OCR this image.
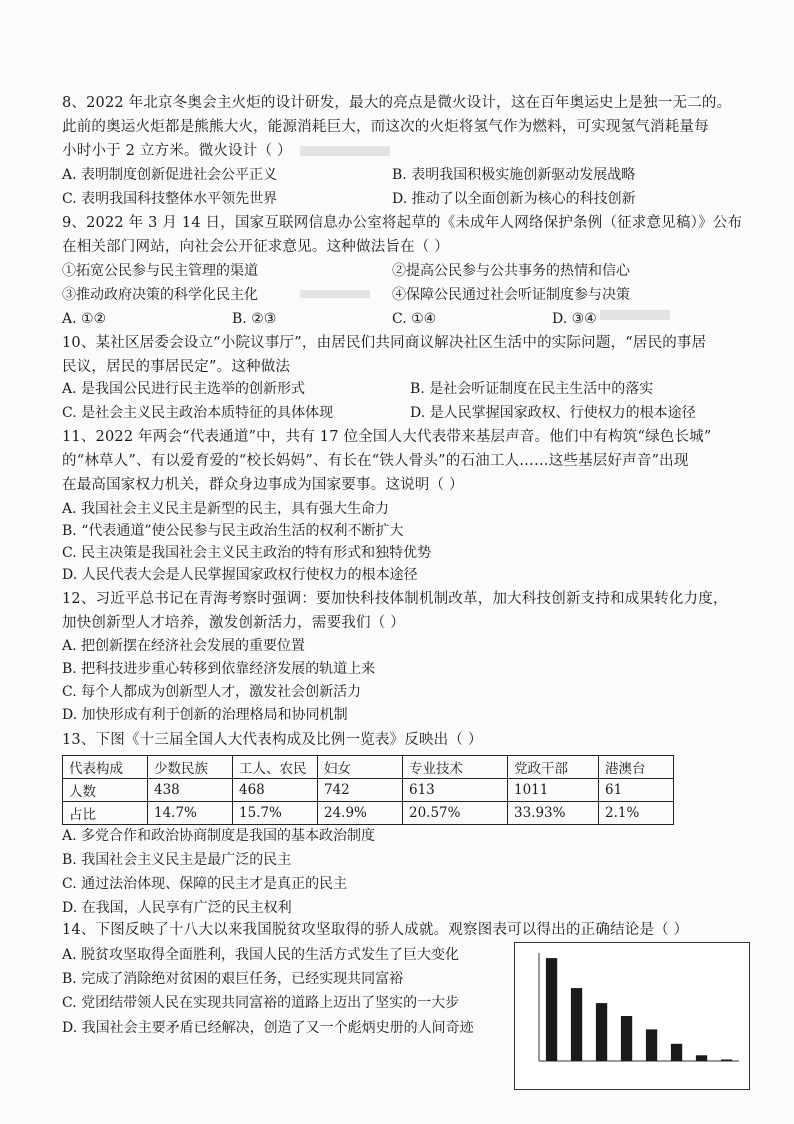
8、2022 年北京冬奥会主火炬的设计研发，最大的亮点是微火设计，这在百年奥运史上是独一无二的。
此前的奥运火炬都是熊熊大火，能源消耗巨大，而这次的火炬将氢气作为燃料，可实现氢气消耗量每
小时小于 2 立方米。微火设计（ ）
A. 表明制度创新促进社会公平正义	B. 表明我国积极实施创新驱动发展战略
C. 表明我国科技整体水平领先世界	D. 推动了以全面创新为核心的科技创新
9、2022 年 3 月 14 日，国家互联网信息办公室将起草的《未成年人网络保护条例（征求意见稿）》公布
在相关部门网站，向社会公开征求意见。这种做法旨在（ ）
①拓宽公民参与民主管理的渠道	②提高公民参与公共事务的热情和信心
③推动政府决策的科学化民主化	④保障公民通过社会听证制度参与决策
A. ①②	B. ②③	C. ①④	D. ③④
10、某社区居委会设立“小院议事厅”，由居民们共同商议解决社区生活中的实际问题，“居民的事居
民议，居民的事居民定”。这种做法
A. 是我国公民进行民主选举的创新形式	B. 是社会听证制度在民主生活中的落实
C. 是社会主义民主政治本质特征的具体体现	D. 是人民掌握国家政权、行使权力的根本途径
11、2022 年两会“代表通道”中，共有 17 位全国人大代表带来基层声音。他们中有构筑“绿色长城”
的“林草人”、有以爱育爱的“校长妈妈”、有长在“铁人骨头”的石油工人……这些基层好声音”出现
在最高国家权力机关，群众身边事成为国家要事。这说明（ ）
A. 我国社会主义民主是新型的民主，具有强大生命力
B. “代表通道”使公民参与民主政治生活的权利不断扩大
C. 民主决策是我国社会主义民主政治的特有形式和独特优势
D. 人民代表大会是人民掌握国家政权行使权力的根本途径
12、习近平总书记在青海考察时强调：要加快科技体制机制改革，加大科技创新支持和成果转化力度，
加快创新型人才培养，激发创新活力，需要我们（ ）
A. 把创新摆在经济社会发展的重要位置
B. 把科技进步重心转移到依靠经济发展的轨道上来
C. 每个人都成为创新型人才，激发社会创新活力
D. 加快形成有利于创新的治理格局和协同机制
13、下图《十三届全国人大代表构成及比例一览表》反映出（ ）
代表构成	少数民族	工人、农民	妇女	专业技术	党政干部	港澳台
人数	438	468	742	613	1011	61
占比	14.7%	15.7%	24.9%	20.57%	33.93%	2.1%
A. 多党合作和政治协商制度是我国的基本政治制度
B. 我国社会主义民主是最广泛的民主
C. 通过法治体现、保障的民主才是真正的民主
D. 在我国，人民享有广泛的民主权利
14、下图反映了十八大以来我国脱贫攻坚取得的骄人成就。观察图表可以得出的正确结论是（ ）
A. 脱贫攻坚取得全面胜利，我国人民的生活方式发生了巨大变化
B. 完成了消除绝对贫困的艰巨任务，已经实现共同富裕
C. 党团结带领人民在实现共同富裕的道路上迈出了坚实的一大步
D. 我国社会主要矛盾已经解决，创造了又一个彪炳史册的人间奇迹
